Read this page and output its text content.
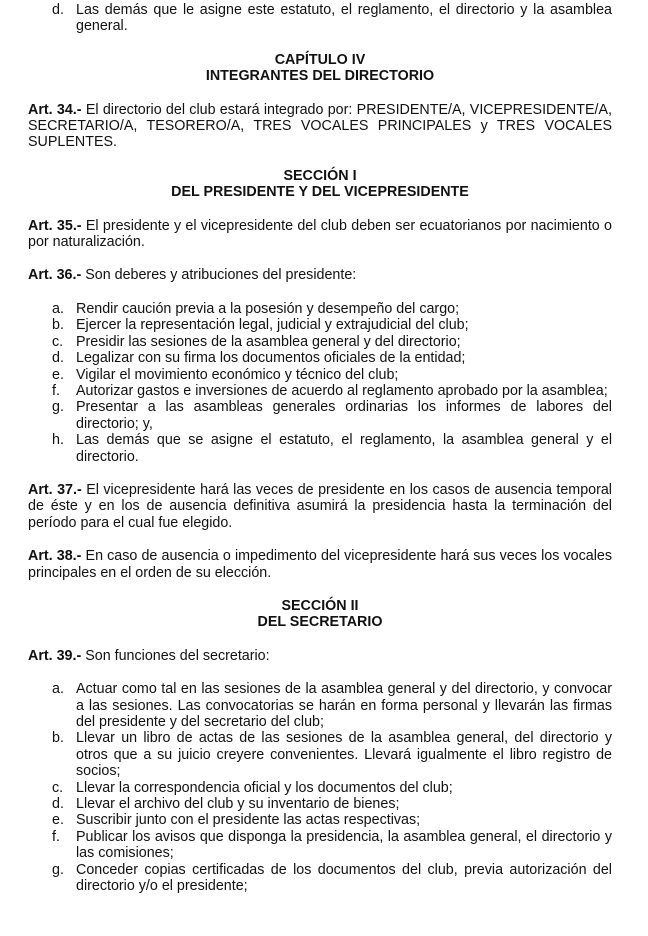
d. Las demás que le asigne este estatuto, el reglamento, el directorio y la asamblea general.

CAPÍTULO IV

INTEGRANTES DEL DIRECTORIO

Art. 34.- El directorio del club estará integrado por: PRESIDENTE/A, VICEPRESIDENTE/A, SECRETARIO/A, TESORERO/A, TRES VOCALES PRINCIPALES y TRES VOCALES SUPLENTES.

SECCIÓN I

DEL PRESIDENTE Y DEL VICEPRESIDENTE

Art. 35.- El presidente y el vicepresidente del club deben ser ecuatorianos por nacimiento o por naturalización.

Art. 36.- Son deberes y atribuciones del presidente:

a. Rendir caución previa a la posesión y desempeño del cargo;
b. Ejercer la representación legal, judicial y extrajudicial del club;
c. Presidir las sesiones de la asamblea general y del directorio;
d. Legalizar con su firma los documentos oficiales de la entidad;
e. Vigilar el movimiento económico y técnico del club;
f.	Autorizar gastos e inversiones de acuerdo al reglamento aprobado por la asamblea;
g. Presentar a las asambleas generales ordinarias los informes de labores del directorio; y,
h. Las demás que se asigne el estatuto, el reglamento, la asamblea general y el directorio.

Art. 37.- El vicepresidente hará las veces de presidente en los casos de ausencia temporal de éste y en los de ausencia definitiva asumirá la presidencia hasta la terminación del período para el cual fue elegido.

Art. 38.- En caso de ausencia o impedimento del vicepresidente hará sus veces los vocales principales en el orden de su elección.

SECCIÓN II

DEL SECRETARIO

Art. 39.- Son funciones del secretario:

a. Actuar como tal en las sesiones de la asamblea general y del directorio, y convocar a las sesiones. Las convocatorias se harán en forma personal y llevarán las firmas del presidente y del secretario del club;
b. Llevar un libro de actas de las sesiones de la asamblea general, del directorio y otros que a su juicio creyere convenientes. Llevará igualmente el libro registro de socios;
c. Llevar la correspondencia oficial y los documentos del club;
d. Llevar el archivo del club y su inventario de bienes;
e. Suscribir junto con el presidente las actas respectivas;
f.	Publicar los avisos que disponga la presidencia, la asamblea general, el directorio y las comisiones;
g. Conceder copias certificadas de los documentos del club, previa autorización del directorio y/o el presidente;
